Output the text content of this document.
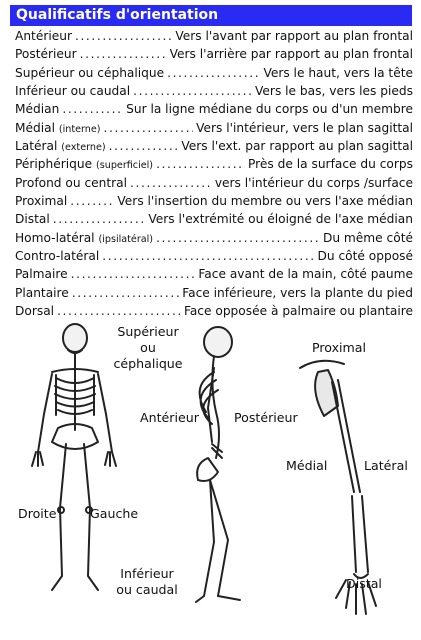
Qualificatifs d'orientation
Antérieur .....	Vers l'avant par rapport au plan frontal
Postérieur .....	Vers l'arrière par rapport au plan frontal
Supérieur ou céphalique .....	Vers le haut, vers la tête
Inférieur ou caudal .....	Vers le bas, vers les pieds
Médian .....	Sur la ligne médiane du corps ou d'un membre
Médial (interne) .....	Vers l'intérieur, vers le plan sagittal
Latéral (externe) .....	Vers l'ext. par rapport au plan sagittal
Périphérique (superficiel) .....	Près de la surface du corps
Profond ou central .....	vers l'intérieur du corps /surface
Proximal .....	Vers l'insertion du membre ou vers l'axe médian
Distal .....	Vers l'extrémité ou éloigné de l'axe médian
Homo-latéral (ipsilatéral) .....	Du même côté
Contro-latéral .....	Du côté opposé
Palmaire .....	Face avant de la main, côté paume
Plantaire .....	Face inférieure, vers la plante du pied
Dorsal .....	Face opposée à palmaire ou plantaire
Supérieur
ou
céphalique
Antérieur	Postérieur
Droite	Gauche
Inférieur
ou caudal
Proximal
Médial	Latéral
Distal
